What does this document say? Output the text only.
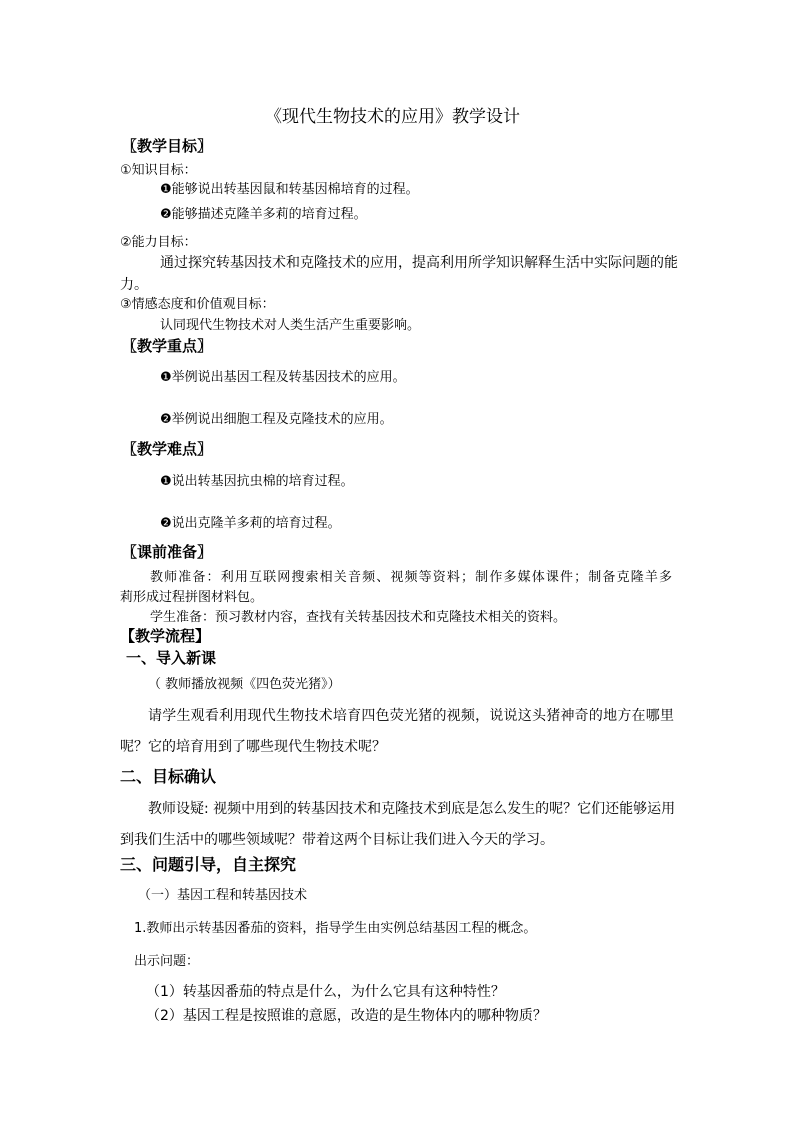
《现代生物技术的应用》教学设计
〖教学目标〗
①知识目标：
❶能够说出转基因鼠和转基因棉培育的过程。
❷能够描述克隆羊多莉的培育过程。
②能力目标：
通过探究转基因技术和克隆技术的应用，提高利用所学知识解释生活中实际问题的能
力。
③情感态度和价值观目标：
认同现代生物技术对人类生活产生重要影响。
〖教学重点〗
❶举例说出基因工程及转基因技术的应用。
❷举例说出细胞工程及克隆技术的应用。
〖教学难点〗
❶说出转基因抗虫棉的培育过程。
❷说出克隆羊多莉的培育过程。
〖课前准备〗
教师准备：利用互联网搜索相关音频、视频等资料；制作多媒体课件；制备克隆羊多
莉形成过程拼图材料包。
学生准备：预习教材内容，查找有关转基因技术和克隆技术相关的资料。
【教学流程】
一、导入新课
（ 教师播放视频《四色荧光猪》）
请学生观看利用现代生物技术培育四色荧光猪的视频，说说这头猪神奇的地方在哪里
呢？它的培育用到了哪些现代生物技术呢？
二、目标确认
教师设疑: 视频中用到的转基因技术和克隆技术到底是怎么发生的呢？它们还能够运用
到我们生活中的哪些领域呢？带着这两个目标让我们进入今天的学习。
三、问题引导，自主探究
（一）基因工程和转基因技术
1.教师出示转基因番茄的资料，指导学生由实例总结基因工程的概念。
出示问题：
（1）转基因番茄的特点是什么，为什么它具有这种特性？
（2）基因工程是按照谁的意愿，改造的是生物体内的哪种物质？
